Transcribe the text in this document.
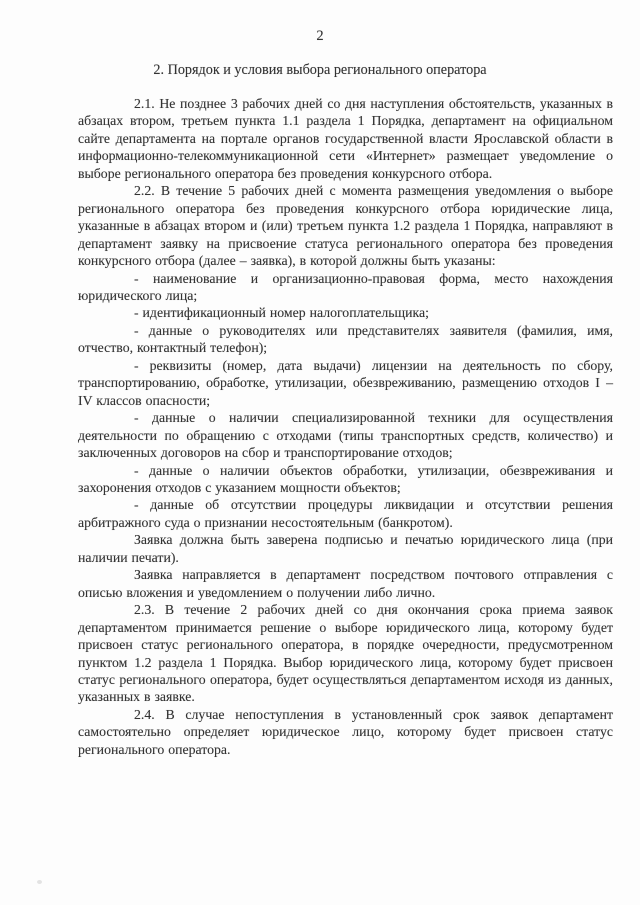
2
2. Порядок и условия выбора регионального оператора

2.1. Не позднее 3 рабочих дней со дня наступления обстоятельств, указанных в абзацах втором, третьем пункта 1.1 раздела 1 Порядка, департамент на официальном сайте департамента на портале органов государственной власти Ярославской области в информационно-телекоммуникационной сети «Интернет» размещает уведомление о выборе регионального оператора без проведения конкурсного отбора.

2.2. В течение 5 рабочих дней с момента размещения уведомления о выборе регионального оператора без проведения конкурсного отбора юридические лица, указанные в абзацах втором и (или) третьем пункта 1.2 раздела 1 Порядка, направляют в департамент заявку на присвоение статуса регионального оператора без проведения конкурсного отбора (далее – заявка), в которой должны быть указаны:

- наименование и организационно-правовая форма, место нахождения юридического лица;

- идентификационный номер налогоплательщика;

- данные о руководителях или представителях заявителя (фамилия, имя, отчество, контактный телефон);

- реквизиты (номер, дата выдачи) лицензии на деятельность по сбору, транспортированию, обработке, утилизации, обезвреживанию, размещению отходов I – IV классов опасности;

- данные о наличии специализированной техники для осуществления деятельности по обращению с отходами (типы транспортных средств, количество) и заключенных договоров на сбор и транспортирование отходов;

- данные о наличии объектов обработки, утилизации, обезвреживания и захоронения отходов с указанием мощности объектов;

- данные об отсутствии процедуры ликвидации и отсутствии решения арбитражного суда о признании несостоятельным (банкротом).

Заявка должна быть заверена подписью и печатью юридического лица (при наличии печати).

Заявка направляется в департамент посредством почтового отправления с описью вложения и уведомлением о получении либо лично.

2.3. В течение 2 рабочих дней со дня окончания срока приема заявок департаментом принимается решение о выборе юридического лица, которому будет присвоен статус регионального оператора, в порядке очередности, предусмотренном пунктом 1.2 раздела 1 Порядка. Выбор юридического лица, которому будет присвоен статус регионального оператора, будет осуществляться департаментом исходя из данных, указанных в заявке.

2.4. В случае непоступления в установленный срок заявок департамент самостоятельно определяет юридическое лицо, которому будет присвоен статус регионального оператора.
